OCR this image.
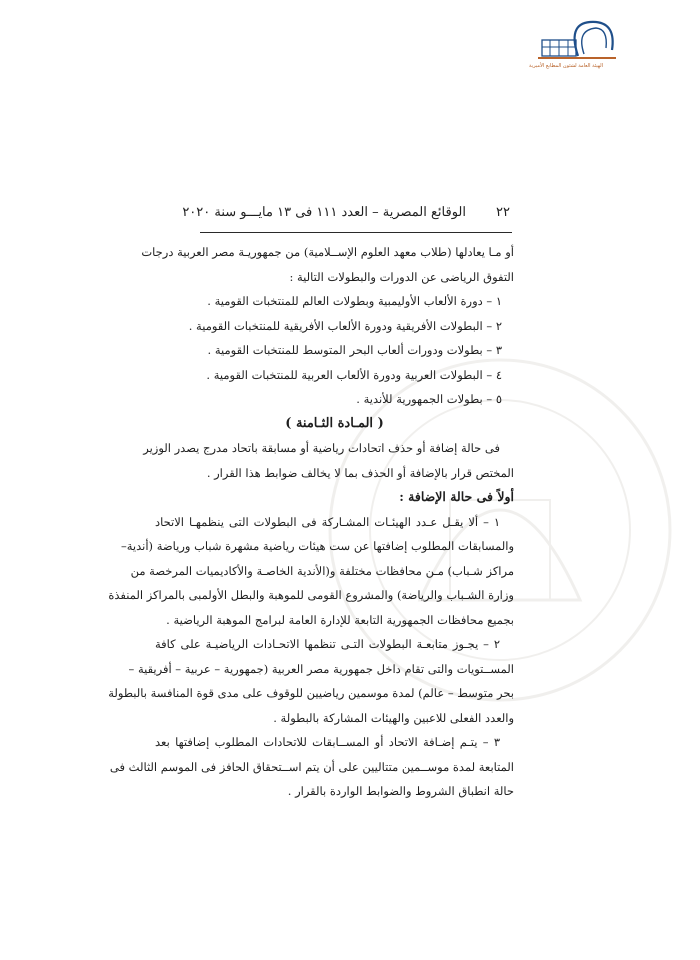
الهيئة العامة لشئون المطابع الأميرية
٢٢
الوقائع المصرية – العدد ١١١ فى ١٣ مايـــو سنة ٢٠٢٠
أو مـا يعادلها (طلاب معهد العلوم الإســلامية) من جمهوريـة مصر العربية درجات
التفوق الرياضى عن الدورات والبطولات التالية :
١ – دورة الألعاب الأوليمبية وبطولات العالم للمنتخبات القومية .
٢ – البطولات الأفريقية ودورة الألعاب الأفريقية للمنتخبات القومية .
٣ – بطولات ودورات ألعاب البحر المتوسط للمنتخبات القومية .
٤ – البطولات العربية ودورة الألعاب العربية للمنتخبات القومية .
٥ – بطولات الجمهورية للأندية .
( المـادة الثـامنة )
فى حالة إضافة أو حذف اتحادات رياضية أو مسابقة باتحاد مدرج يصدر الوزير
المختص قرار بالإضافة أو الحذف بما لا يخالف ضوابط هذا القرار .
أولاً فى حالة الإضافة :
١ – ألا يقـل عـدد الهيئـات المشـاركة فى البطولات التى ينظمهـا الاتحاد
والمسابقات المطلوب إضافتها عن ست هيئات رياضية مشهرة شباب ورياضة (أندية–
مراكز شـباب) مـن محافظات مختلفة و(الأندية الخاصـة والأكاديميات المرخصة من
وزارة الشـباب والرياضة) والمشروع القومى للموهبة والبطل الأولمبى بالمراكز المنفذة
بجميع محافظات الجمهورية التابعة للإدارة العامة لبرامج الموهبة الرياضية .
٢ – يجـوز متابعـة البطولات التـى تنظمها الاتحـادات الرياضيـة على كافة
المســتويات والتى تقام داخل جمهورية مصر العربية (جمهورية – عربية – أفريقية –
بحر متوسط – عالم) لمدة موسمين رياضيين للوقوف على مدى قوة المنافسة بالبطولة
والعدد الفعلى للاعبين والهيئات المشاركة بالبطولة .
٣ – يتـم إضـافة الاتحاد أو المســابقات للاتحادات المطلوب إضافتها بعد
المتابعة لمدة موســمين متتاليين على أن يتم اســتحقاق الحافز فى الموسم الثالث فى
حالة انطباق الشروط والضوابط الواردة بالقرار .
